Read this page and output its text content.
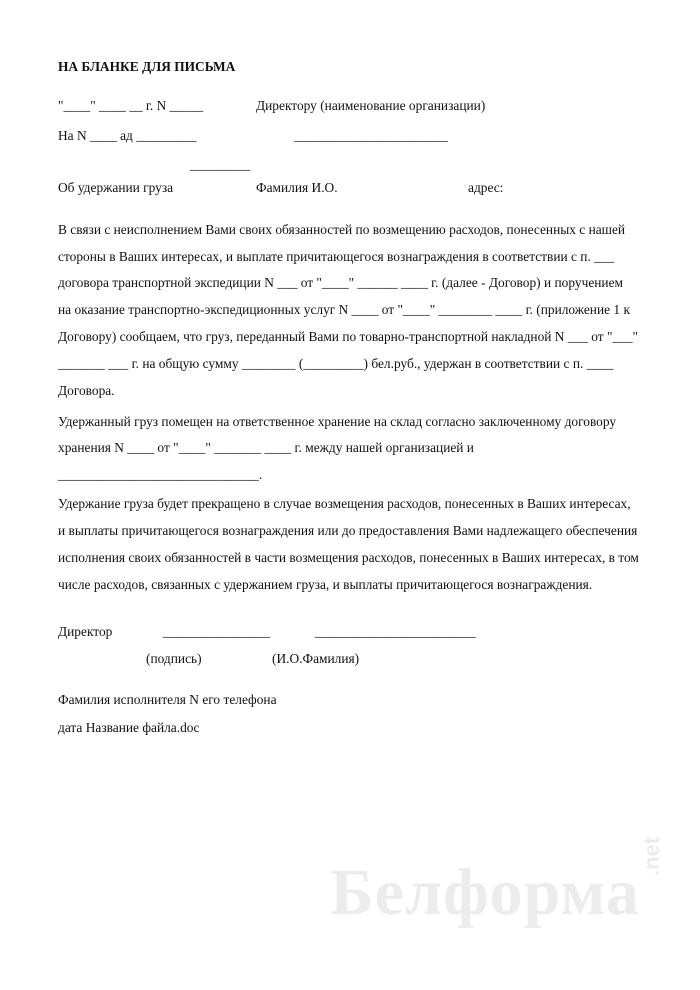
НА БЛАНКЕ ДЛЯ ПИСЬМА
"____" ____ __ г. N _____	Директору (наименование организации)
На N ____ ад _________	_______________________
_________
Об удержании груза	Фамилия И.О.	адрес:
В связи с неисполнением Вами своих обязанностей по возмещению расходов, понесенных с нашей
стороны в Ваших интересах, и выплате причитающегося вознаграждения в соответствии с п. ___
договора транспортной экспедиции N ___ от "____" ______ ____ г. (далее - Договор) и поручением
на оказание транспортно-экспедиционных услуг N ____ от "____" ________ ____ г. (приложение 1 к
Договору) сообщаем, что груз, переданный Вами по товарно-транспортной накладной N ___ от "___"
_______ ___ г. на общую сумму ________ (_________) бел.руб., удержан в соответствии с п. ____
Договора.
Удержанный груз помещен на ответственное хранение на склад согласно заключенному договору
хранения N ____ от "____" _______ ____ г. между нашей организацией и
______________________________.
Удержание груза будет прекращено в случае возмещения расходов, понесенных в Ваших интересах,
и выплаты причитающегося вознаграждения или до предоставления Вами надлежащего обеспечения
исполнения своих обязанностей в части возмещения расходов, понесенных в Ваших интересах, в том
числе расходов, связанных с удержанием груза, и выплаты причитающегося вознаграждения.
Директор	________________	________________________
(подпись)	(И.О.Фамилия)
Фамилия исполнителя N его телефона
дата Название файла.doc
Белформа .net
